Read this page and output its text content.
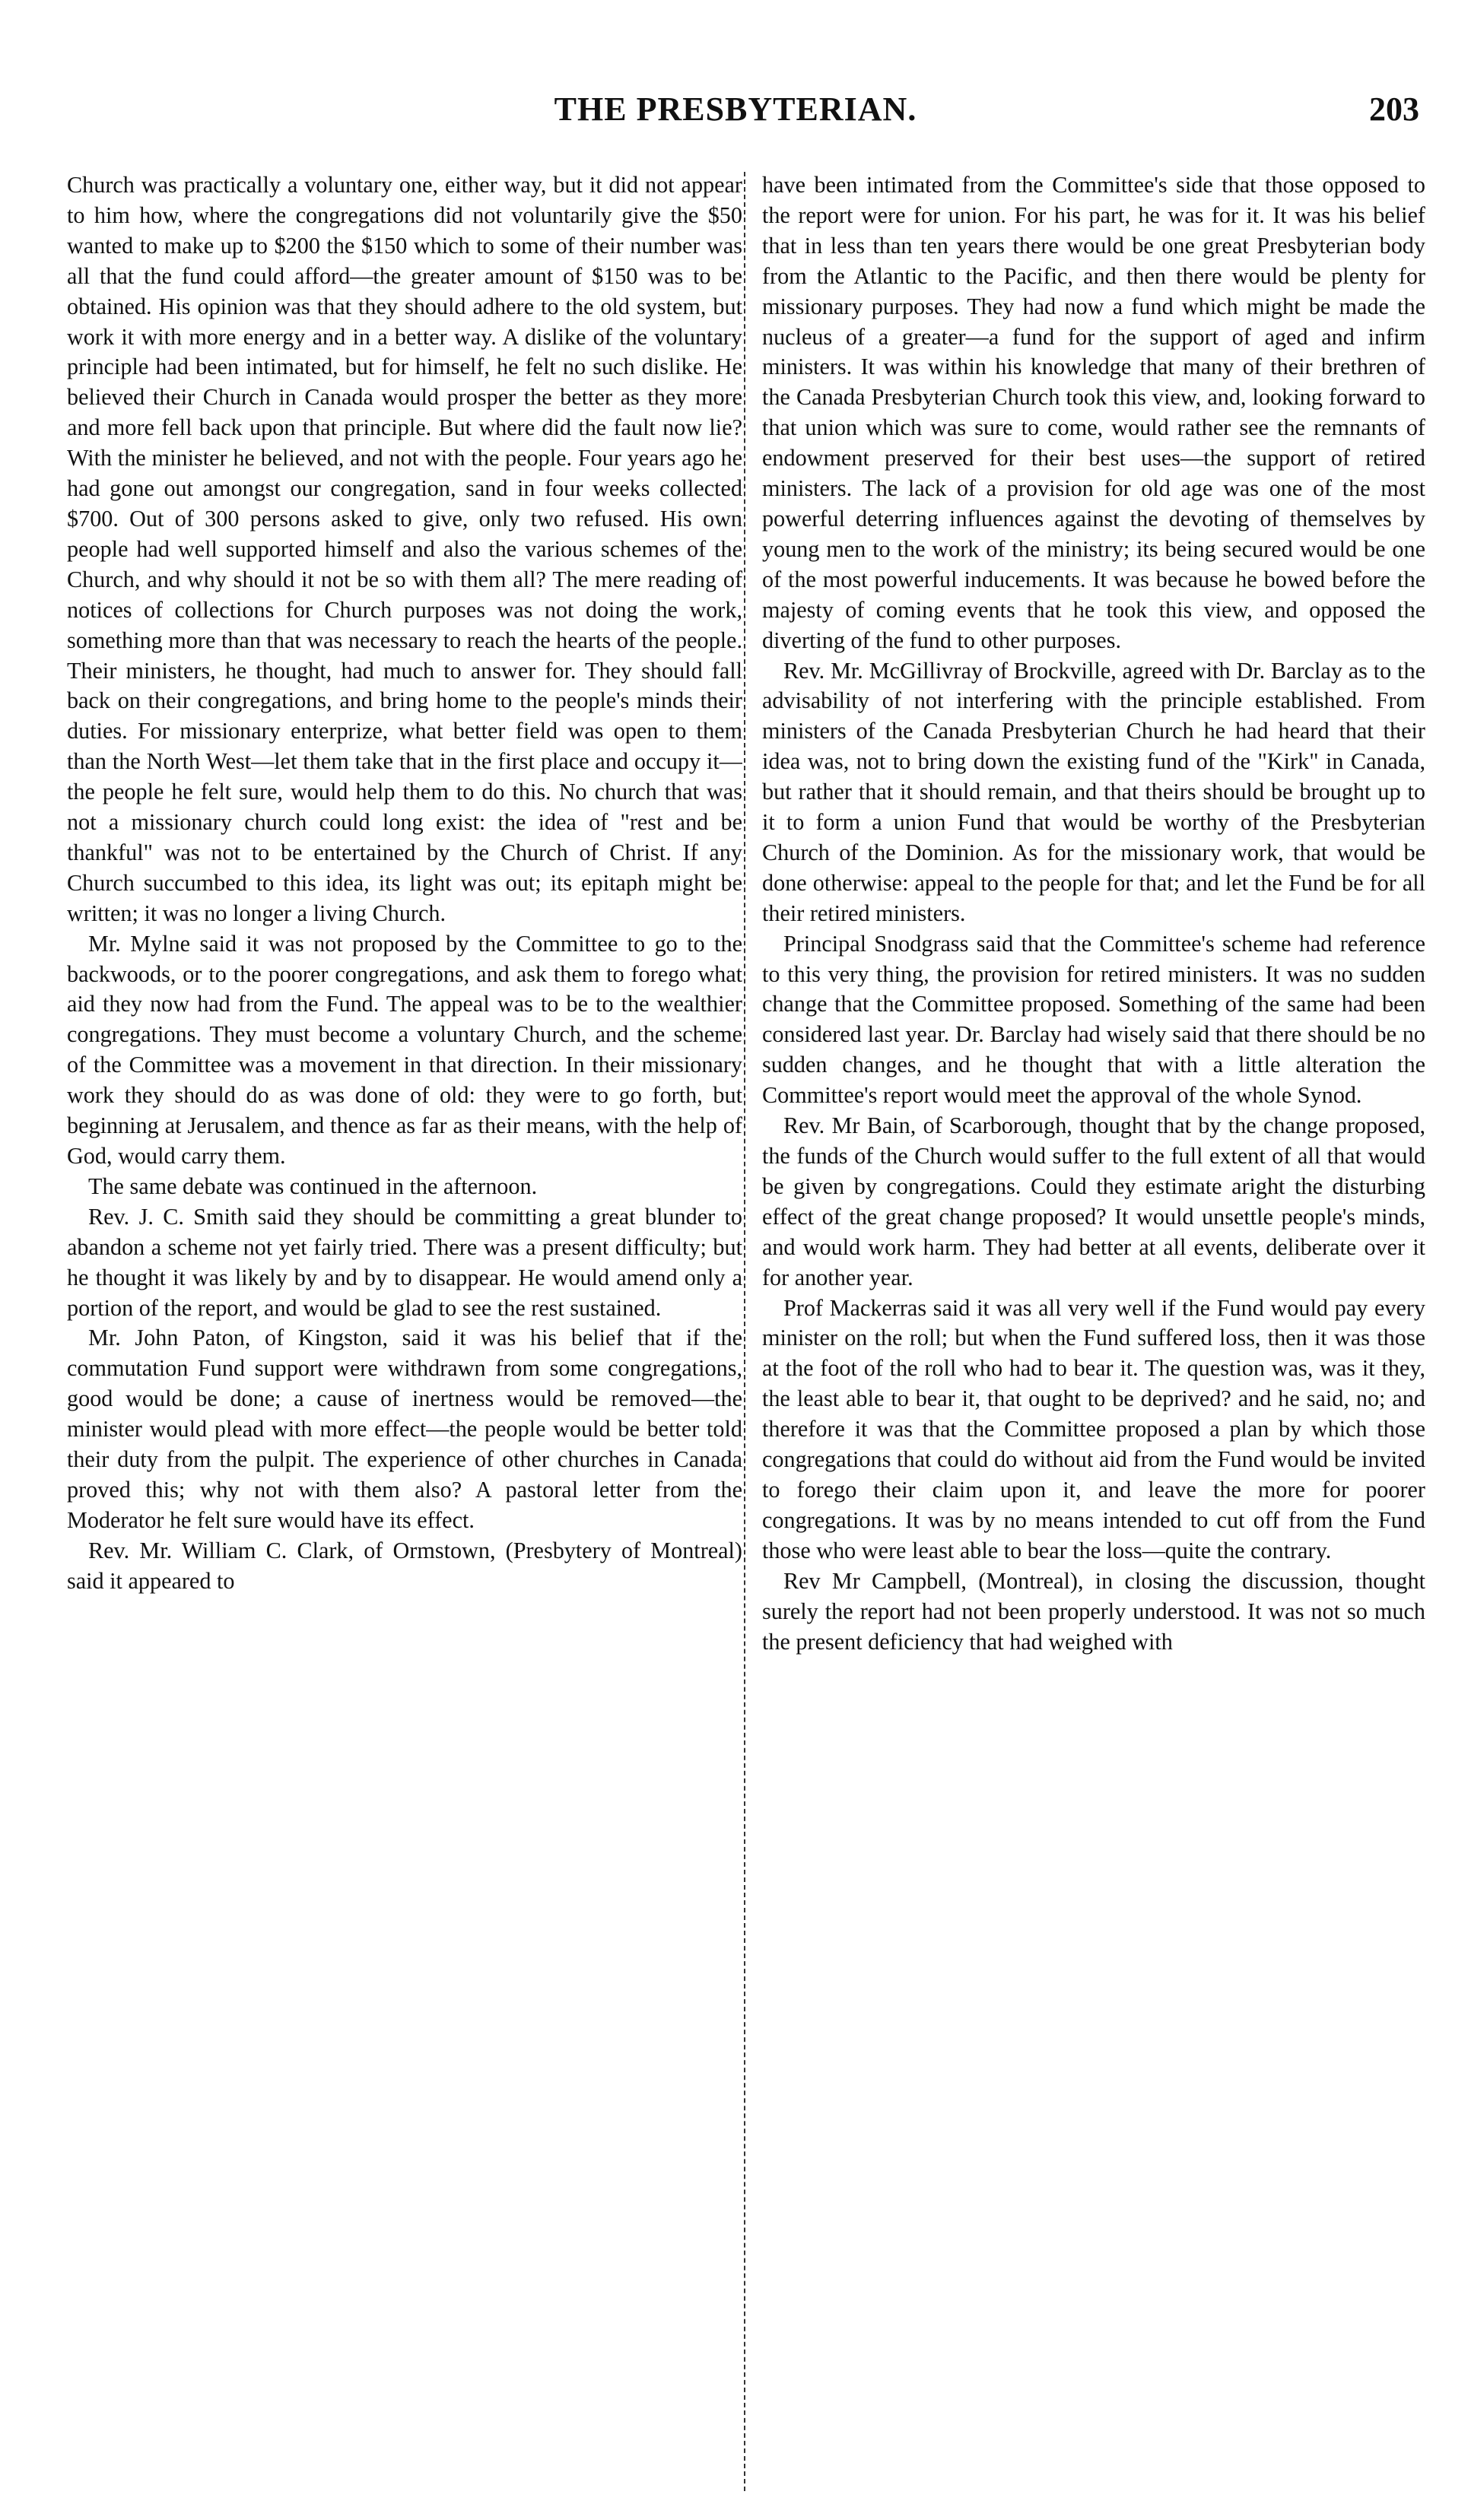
THE PRESBYTERIAN.	203

Church was practically a voluntary one, either way, but it did not appear to him how, where the congregations did not voluntarily give the $50 wanted to make up to $200 the $150 which to some of their number was all that the fund could afford—the greater amount of $150 was to be obtained. His opinion was that they should adhere to the old system, but work it with more energy and in a better way. A dislike of the voluntary principle had been intimated, but for himself, he felt no such dislike. He believed their Church in Canada would prosper the better as they more and more fell back upon that principle. But where did the fault now lie? With the minister he believed, and not with the people. Four years ago he had gone out amongst our congregation, sand in four weeks collected $700. Out of 300 persons asked to give, only two refused. His own people had well supported himself and also the various schemes of the Church, and why should it not be so with them all? The mere reading of notices of collections for Church purposes was not doing the work, something more than that was necessary to reach the hearts of the people. Their ministers, he thought, had much to answer for. They should fall back on their congregations, and bring home to the people's minds their duties. For missionary enterprize, what better field was open to them than the North West—let them take that in the first place and occupy it—the people he felt sure, would help them to do this. No church that was not a missionary church could long exist: the idea of "rest and be thankful" was not to be entertained by the Church of Christ. If any Church succumbed to this idea, its light was out; its epitaph might be written; it was no longer a living Church.

Mr. Mylne said it was not proposed by the Committee to go to the backwoods, or to the poorer congregations, and ask them to forego what aid they now had from the Fund. The appeal was to be to the wealthier congregations. They must become a voluntary Church, and the scheme of the Committee was a movement in that direction. In their missionary work they should do as was done of old: they were to go forth, but beginning at Jerusalem, and thence as far as their means, with the help of God, would carry them.

The same debate was continued in the afternoon.

Rev. J. C. Smith said they should be committing a great blunder to abandon a scheme not yet fairly tried. There was a present difficulty; but he thought it was likely by and by to disappear. He would amend only a portion of the report, and would be glad to see the rest sustained.

Mr. John Paton, of Kingston, said it was his belief that if the commutation Fund support were withdrawn from some congregations, good would be done; a cause of inertness would be removed—the minister would plead with more effect—the people would be better told their duty from the pulpit. The experience of other churches in Canada proved this; why not with them also? A pastoral letter from the Moderator he felt sure would have its effect.

Rev. Mr. William C. Clark, of Ormstown, (Presbytery of Montreal) said it appeared to

have been intimated from the Committee's side that those opposed to the report were for union. For his part, he was for it. It was his belief that in less than ten years there would be one great Presbyterian body from the Atlantic to the Pacific, and then there would be plenty for missionary purposes. They had now a fund which might be made the nucleus of a greater—a fund for the support of aged and infirm ministers. It was within his knowledge that many of their brethren of the Canada Presbyterian Church took this view, and, looking forward to that union which was sure to come, would rather see the remnants of endowment preserved for their best uses—the support of retired ministers. The lack of a provision for old age was one of the most powerful deterring influences against the devoting of themselves by young men to the work of the ministry; its being secured would be one of the most powerful inducements. It was because he bowed before the majesty of coming events that he took this view, and opposed the diverting of the fund to other purposes.

Rev. Mr. McGillivray of Brockville, agreed with Dr. Barclay as to the advisability of not interfering with the principle established. From ministers of the Canada Presbyterian Church he had heard that their idea was, not to bring down the existing fund of the "Kirk" in Canada, but rather that it should remain, and that theirs should be brought up to it to form a union Fund that would be worthy of the Presbyterian Church of the Dominion. As for the missionary work, that would be done otherwise: appeal to the people for that; and let the Fund be for all their retired ministers.

Principal Snodgrass said that the Committee's scheme had reference to this very thing, the provision for retired ministers. It was no sudden change that the Committee proposed. Something of the same had been considered last year. Dr. Barclay had wisely said that there should be no sudden changes, and he thought that with a little alteration the Committee's report would meet the approval of the whole Synod.

Rev. Mr Bain, of Scarborough, thought that by the change proposed, the funds of the Church would suffer to the full extent of all that would be given by congregations. Could they estimate aright the disturbing effect of the great change proposed? It would unsettle people's minds, and would work harm. They had better at all events, deliberate over it for another year.

Prof Mackerras said it was all very well if the Fund would pay every minister on the roll; but when the Fund suffered loss, then it was those at the foot of the roll who had to bear it. The question was, was it they, the least able to bear it, that ought to be deprived? and he said, no; and therefore it was that the Committee proposed a plan by which those congregations that could do without aid from the Fund would be invited to forego their claim upon it, and leave the more for poorer congregations. It was by no means intended to cut off from the Fund those who were least able to bear the loss—quite the contrary.

Rev Mr Campbell, (Montreal), in closing the discussion, thought surely the report had not been properly understood. It was not so much the present deficiency that had weighed with
